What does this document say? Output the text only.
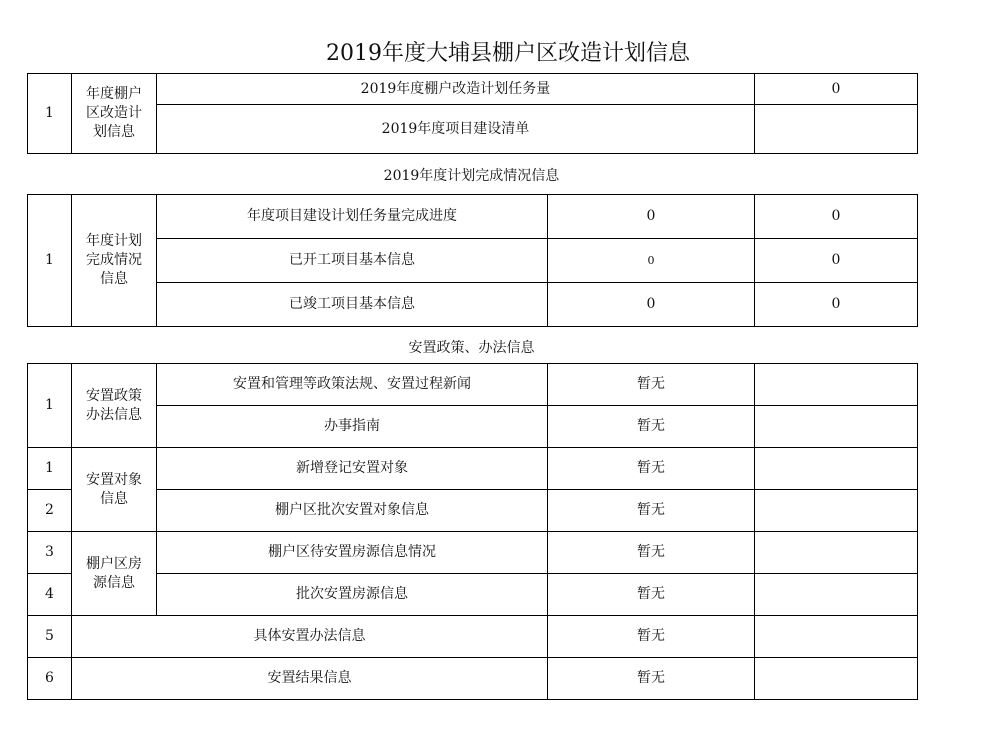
2019年度大埔县棚户区改造计划信息
1	年度棚户
区改造计
划信息	2019年度棚户改造计划任务量	0
		2019年度项目建设清单	
2019年度计划完成情况信息
1	年度计划
完成情况
信息	年度项目建设计划任务量完成进度	0	0
		已开工项目基本信息	0	0
		已竣工项目基本信息	0	0
安置政策、办法信息
1	安置政策
办法信息	安置和管理等政策法规、安置过程新闻	暂无	
		办事指南	暂无	
1	安置对象
信息	新增登记安置对象	暂无	
2		棚户区批次安置对象信息	暂无	
3	棚户区房
源信息	棚户区待安置房源信息情况	暂无	
4		批次安置房源信息	暂无	
5	具体安置办法信息		暂无	
6	安置结果信息		暂无	
